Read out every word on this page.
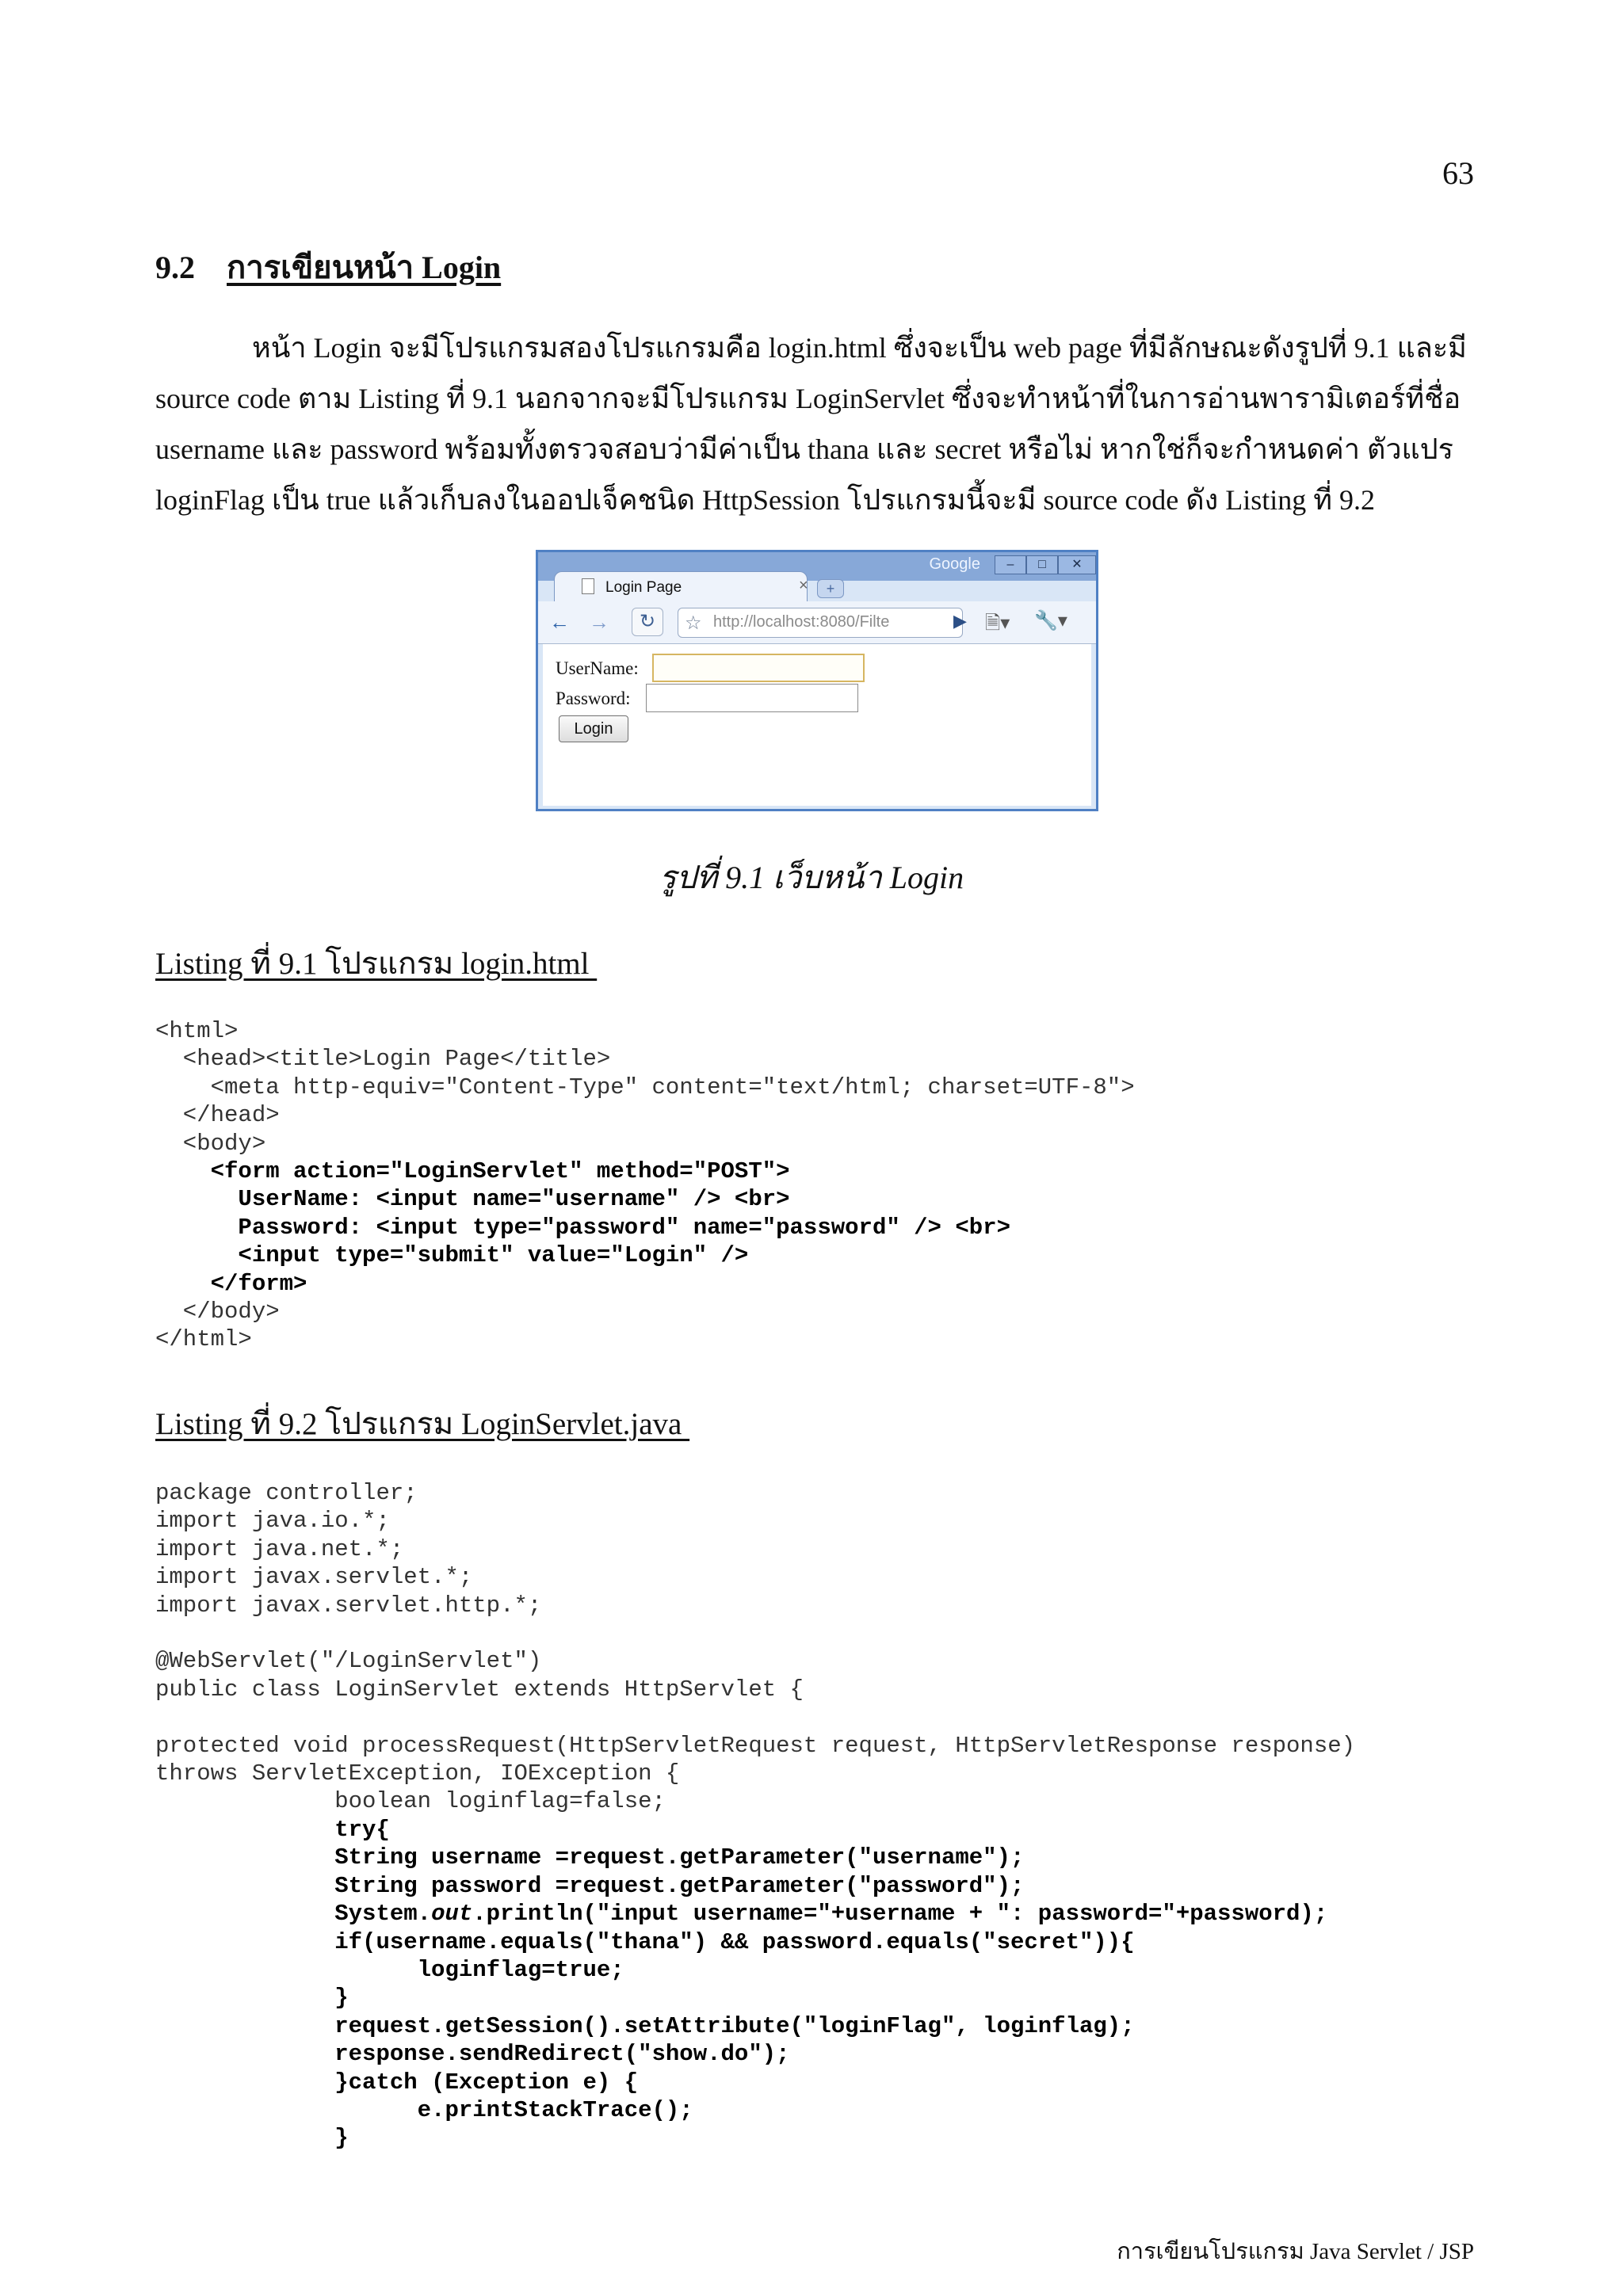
63
9.2 การเขียนหน้า Login

หน้า Login จะมีโปรแกรมสองโปรแกรมคือ login.html ซึ่งจะเป็น web page ที่มีลักษณะดังรูปที่ 9.1 และมี
source code ตาม Listing ที่ 9.1 นอกจากจะมีโปรแกรม LoginServlet ซึ่งจะทำหน้าที่ในการอ่านพารามิเตอร์ที่ชื่อ
username และ password พร้อมทั้งตรวจสอบว่ามีค่าเป็น thana และ secret หรือไม่ หากใช่ก็จะกำหนดค่า ตัวแปร
loginFlag เป็น true แล้วเก็บลงในออปเจ็คชนิด HttpSession โปรแกรมนี้จะมี source code ดัง Listing ที่ 9.2

Google	–	□	✕
Login Page	×	+
← →	↻	☆ http://localhost:8080/Filte	▶ 🗎▾ 🔧▾
UserName:
Password:
Login
รูปที่ 9.1 เว็บหน้า Login

Listing ที่ 9.1 โปรแกรม login.html

<html>
<head><title>Login Page</title>
<meta http-equiv="Content-Type" content="text/html; charset=UTF-8">
</head>
<body>
<form action="LoginServlet" method="POST">
UserName: <input name="username" /> <br>
Password: <input type="password" name="password" /> <br>
<input type="submit" value="Login" />
</form>
</body>
</html>

Listing ที่ 9.2 โปรแกรม LoginServlet.java

package controller;
import java.io.*;
import java.net.*;
import javax.servlet.*;
import javax.servlet.http.*;

@WebServlet("/LoginServlet")
public class LoginServlet extends HttpServlet {

protected void processRequest(HttpServletRequest request, HttpServletResponse response)
throws ServletException, IOException {
boolean loginflag=false;
try{
String username =request.getParameter("username");
String password =request.getParameter("password");
System.out.println("input username="+username + ": password="+password);
if(username.equals("thana") && password.equals("secret")){
loginflag=true;
}
request.getSession().setAttribute("loginFlag", loginflag);
response.sendRedirect("show.do");
}catch (Exception e) {
e.printStackTrace();
}
การเขียนโปรแกรม Java Servlet / JSP
